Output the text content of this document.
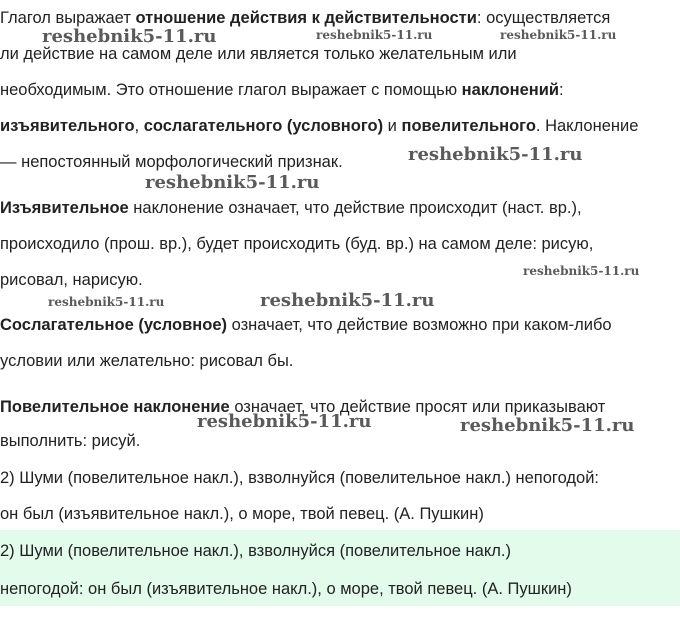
Глагол выражает отношение действия к действительности: осуществляется
ли действие на самом деле или является только желательным или
необходимым. Это отношение глагол выражает с помощью наклонений:
изъявительного, сослагательного (условного) и повелительного. Наклонение
— непостоянный морфологический признак.
Изъявительное наклонение означает, что действие происходит (наст. вр.),
происходило (прош. вр.), будет происходить (буд. вр.) на самом деле: рисую,
рисовал, нарисую.
Сослагательное (условное) означает, что действие возможно при каком-либо
условии или желательно: рисовал бы.
Повелительное наклонение означает, что действие просят или приказывают
выполнить: рисуй.
2) Шуми (повелительное накл.), взволнуйся (повелительное накл.) непогодой:
он был (изъявительное накл.), о море, твой певец. (А. Пушкин)
2) Шуми (повелительное накл.), взволнуйся (повелительное накл.)
непогодой: он был (изъявительное накл.), о море, твой певец. (А. Пушкин)
reshebnik5-11.ru	reshebnik5-11.ru	reshebnik5-11.ru
reshebnik5-11.ru
reshebnik5-11.ru
reshebnik5-11.ru
reshebnik5-11.ru	reshebnik5-11.ru
reshebnik5-11.ru	reshebnik5-11.ru
